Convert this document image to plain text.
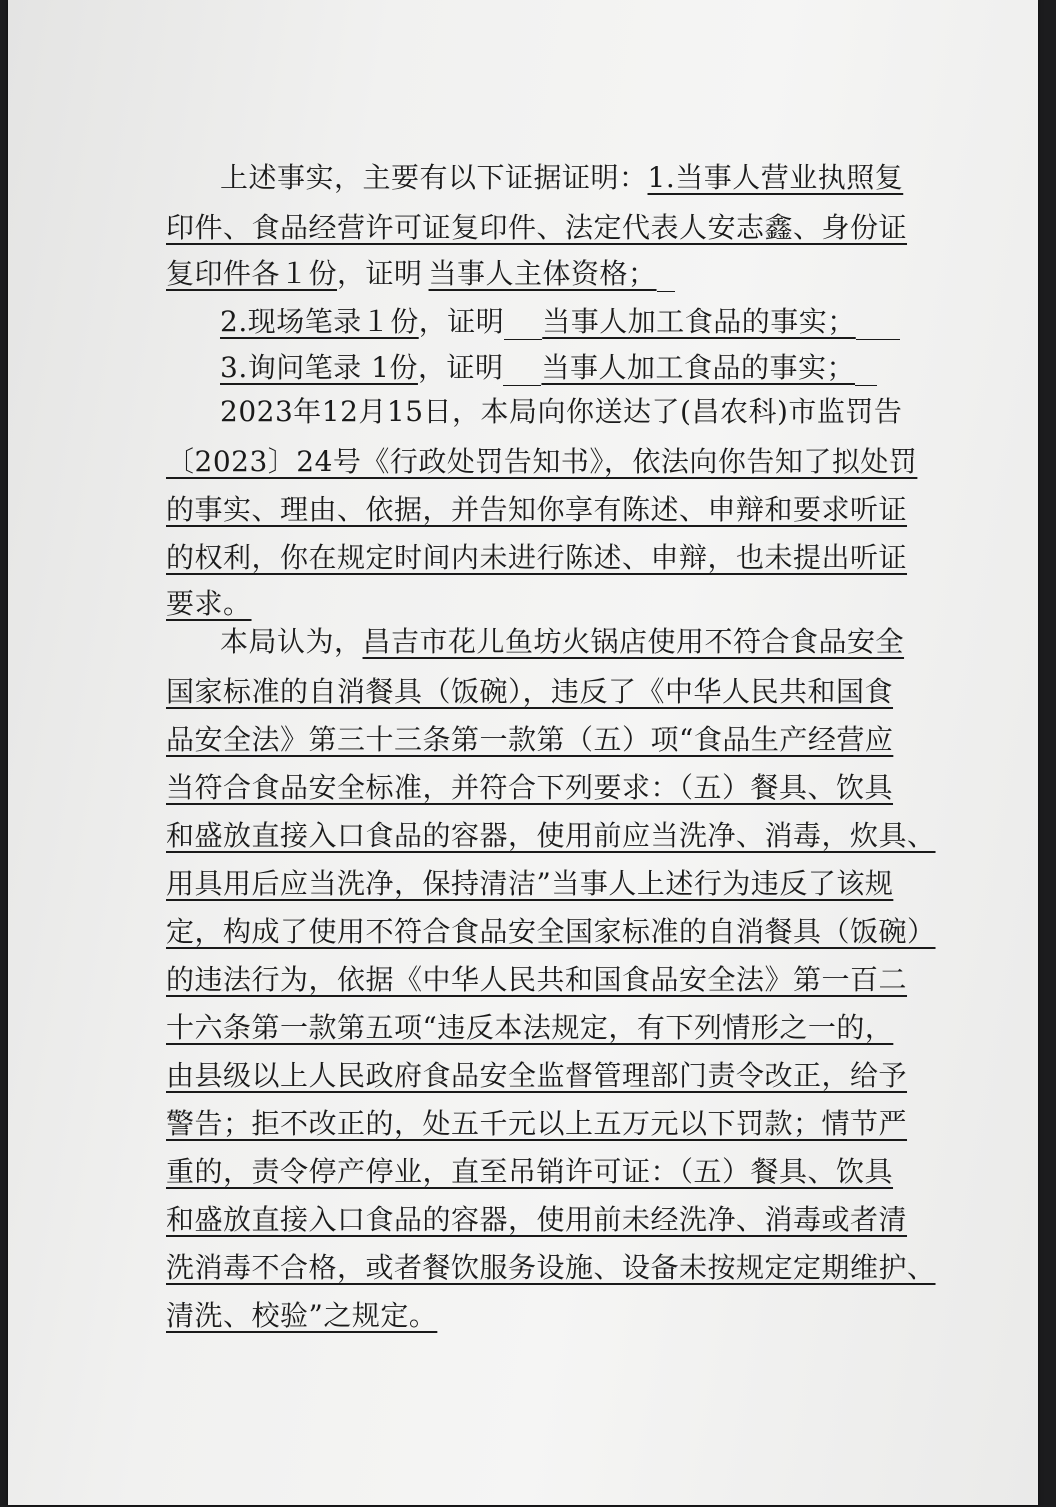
上述事实，主要有以下证据证明：1.当事人营业执照复
印件、食品经营许可证复印件、法定代表人安志鑫、身份证
复印件各１份，证明 当事人主体资格；
2.现场笔录１份，证明 当事人加工食品的事实；
3.询问笔录 1份，证明 当事人加工食品的事实；
2023年12月15日，本局向你送达了(昌农科)市监罚告
〔2023〕24号《行政处罚告知书》，依法向你告知了拟处罚
的事实、理由、依据，并告知你享有陈述、申辩和要求听证
的权利，你在规定时间内未进行陈述、申辩，也未提出听证
要求。
本局认为，昌吉市花儿鱼坊火锅店使用不符合食品安全
国家标准的自消餐具（饭碗），违反了《中华人民共和国食
品安全法》第三十三条第一款第（五）项“食品生产经营应
当符合食品安全标准，并符合下列要求：（五）餐具、饮具
和盛放直接入口食品的容器，使用前应当洗净、消毒，炊具、
用具用后应当洗净，保持清洁”当事人上述行为违反了该规
定，构成了使用不符合食品安全国家标准的自消餐具（饭碗）
的违法行为，依据《中华人民共和国食品安全法》第一百二
十六条第一款第五项“违反本法规定，有下列情形之一的，
由县级以上人民政府食品安全监督管理部门责令改正，给予
警告；拒不改正的，处五千元以上五万元以下罚款；情节严
重的，责令停产停业，直至吊销许可证：（五）餐具、饮具
和盛放直接入口食品的容器，使用前未经洗净、消毒或者清
洗消毒不合格，或者餐饮服务设施、设备未按规定定期维护、
清洗、校验”之规定。
